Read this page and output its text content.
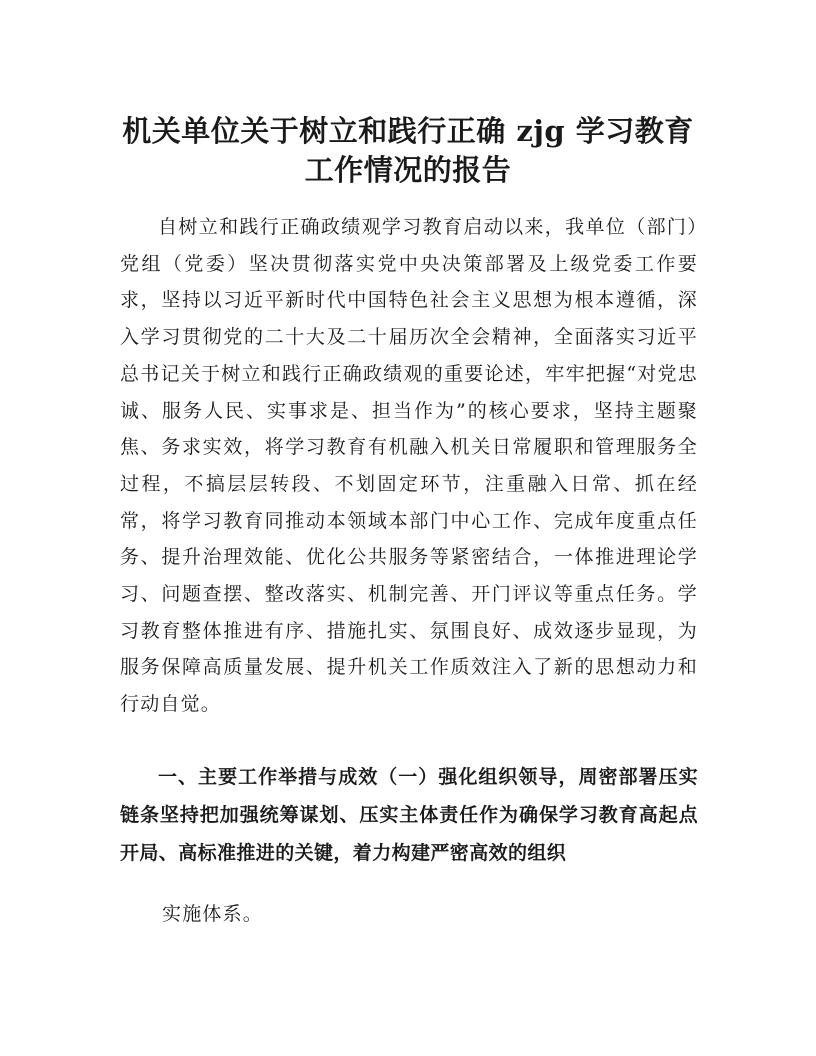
机关单位关于树立和践行正确 zjg 学习教育
工作情况的报告

自树立和践行正确政绩观学习教育启动以来，我单位（部门）党组（党委）坚决贯彻落实党中央决策部署及上级党委工作要求，坚持以习近平新时代中国特色社会主义思想为根本遵循，深入学习贯彻党的二十大及二十届历次全会精神，全面落实习近平总书记关于树立和践行正确政绩观的重要论述，牢牢把握“对党忠诚、服务人民、实事求是、担当作为”的核心要求，坚持主题聚焦、务求实效，将学习教育有机融入机关日常履职和管理服务全过程，不搞层层转段、不划固定环节，注重融入日常、抓在经常，将学习教育同推动本领域本部门中心工作、完成年度重点任务、提升治理效能、优化公共服务等紧密结合，一体推进理论学习、问题查摆、整改落实、机制完善、开门评议等重点任务。学习教育整体推进有序、措施扎实、氛围良好、成效逐步显现，为服务保障高质量发展、提升机关工作质效注入了新的思想动力和行动自觉。

一、主要工作举措与成效（一）强化组织领导，周密部署压实链条坚持把加强统筹谋划、压实主体责任作为确保学习教育高起点开局、高标准推进的关键，着力构建严密高效的组织

实施体系。
